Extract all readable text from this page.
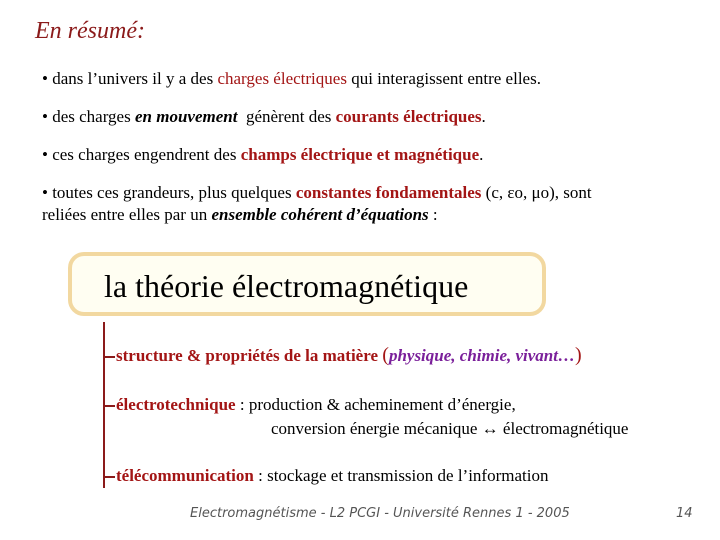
En résumé:
• dans l’univers il y a des charges électriques qui interagissent entre elles.
• des charges en mouvement  génèrent des courants électriques.
• ces charges engendrent des champs électrique et magnétique.
• toutes ces grandeurs, plus quelques constantes fondamentales (c, εo, μo), sont
reliées entre elles par un ensemble cohérent d’équations :
la théorie électromagnétique
structure & propriétés de la matière (physique, chimie, vivant…)
électrotechnique : production & acheminement d’énergie,
conversion énergie mécanique ↔ électromagnétique
télécommunication : stockage et transmission de l’information
Electromagnétisme - L2 PCGI - Université Rennes 1 - 2005	14
